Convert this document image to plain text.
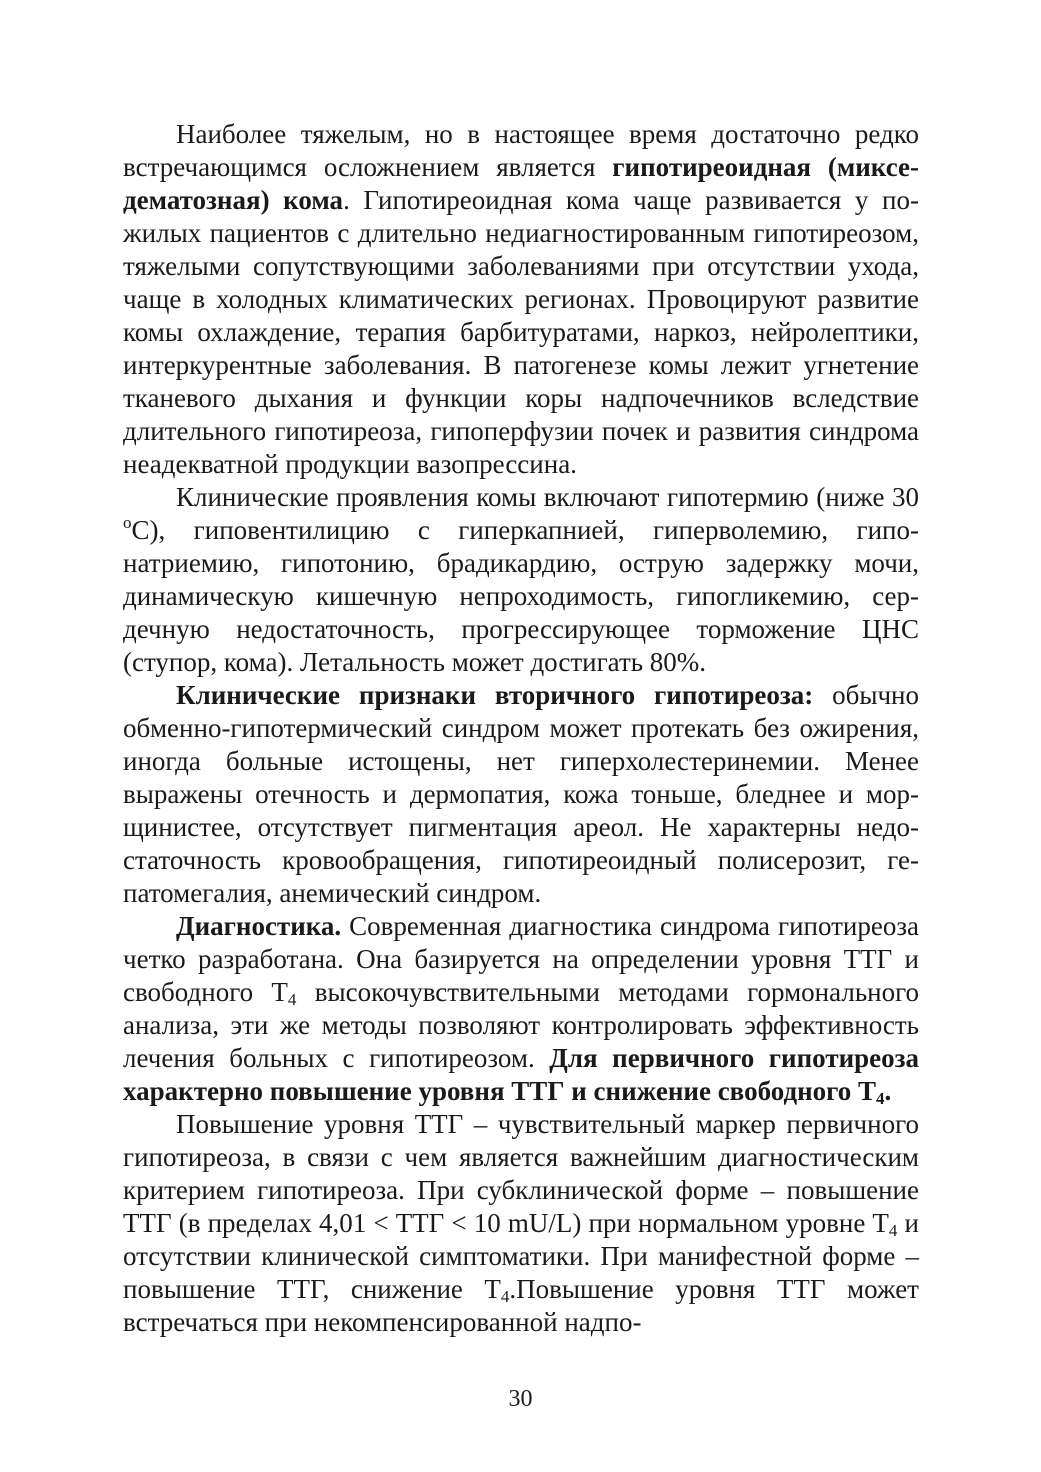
Наиболее тяжелым, но в настоящее время достаточно редко встречающимся осложнением является гипотиреоидная (микседематозная) кома. Гипотиреоидная кома чаще развивается у пожилых пациентов с длительно недиагностированным гипотиреозом, тяжелыми сопутствующими заболеваниями при отсутствии ухода, чаще в холодных климатических регионах. Провоцируют развитие комы охлаждение, терапия барбитуратами, наркоз, нейролептики, интеркурентные заболевания. В патогенезе комы лежит угнетение тканевого дыхания и функции коры надпочечников вследствие длительного гипотиреоза, гипоперфузии почек и развития синдрома неадекватной продукции вазопрессина.

Клинические проявления комы включают гипотермию (ниже 30 $^o$C), гиповентилицию с гиперкапнией, гиперволемию, гипонатриемию, гипотонию, брадикардию, острую задержку мочи, динамическую кишечную непроходимость, гипогликемию, сердечную недостаточность, прогрессирующее торможение ЦНС (ступор, кома). Летальность может достигать 80%.

Клинические признаки вторичного гипотиреоза: обычно обменно-гипотермический синдром может протекать без ожирения, иногда больные истощены, нет гиперхолестеринемии. Менее выражены отечность и дермопатия, кожа тоньше, бледнее и морщинистее, отсутствует пигментация ареол. Не характерны недостаточность кровообращения, гипотиреоидный полисерозит, гепатомегалия, анемический синдром.

Диагностика. Современная диагностика синдрома гипотиреоза четко разработана. Она базируется на определении уровня ТТГ и свободного $Т_4$ высокочувствительными методами гормонального анализа, эти же методы позволяют контролировать эффективность лечения больных с гипотиреозом. Для первичного гипотиреоза характерно повышение уровня ТТГ и снижение свободного $Т_4$.

Повышение уровня ТТГ – чувствительный маркер первичного гипотиреоза, в связи с чем является важнейшим диагностическим критерием гипотиреоза. При субклинической форме – повышение ТТГ (в пределах 4,01 < ТТГ < 10 mU/L) при нормальном уровне $Т_4$ и отсутствии клинической симптоматики. При манифестной форме – повышение ТТГ, снижение $Т_4.Повышение$ уровня ТТГ может встречаться при некомпенсированной надпо-

30
